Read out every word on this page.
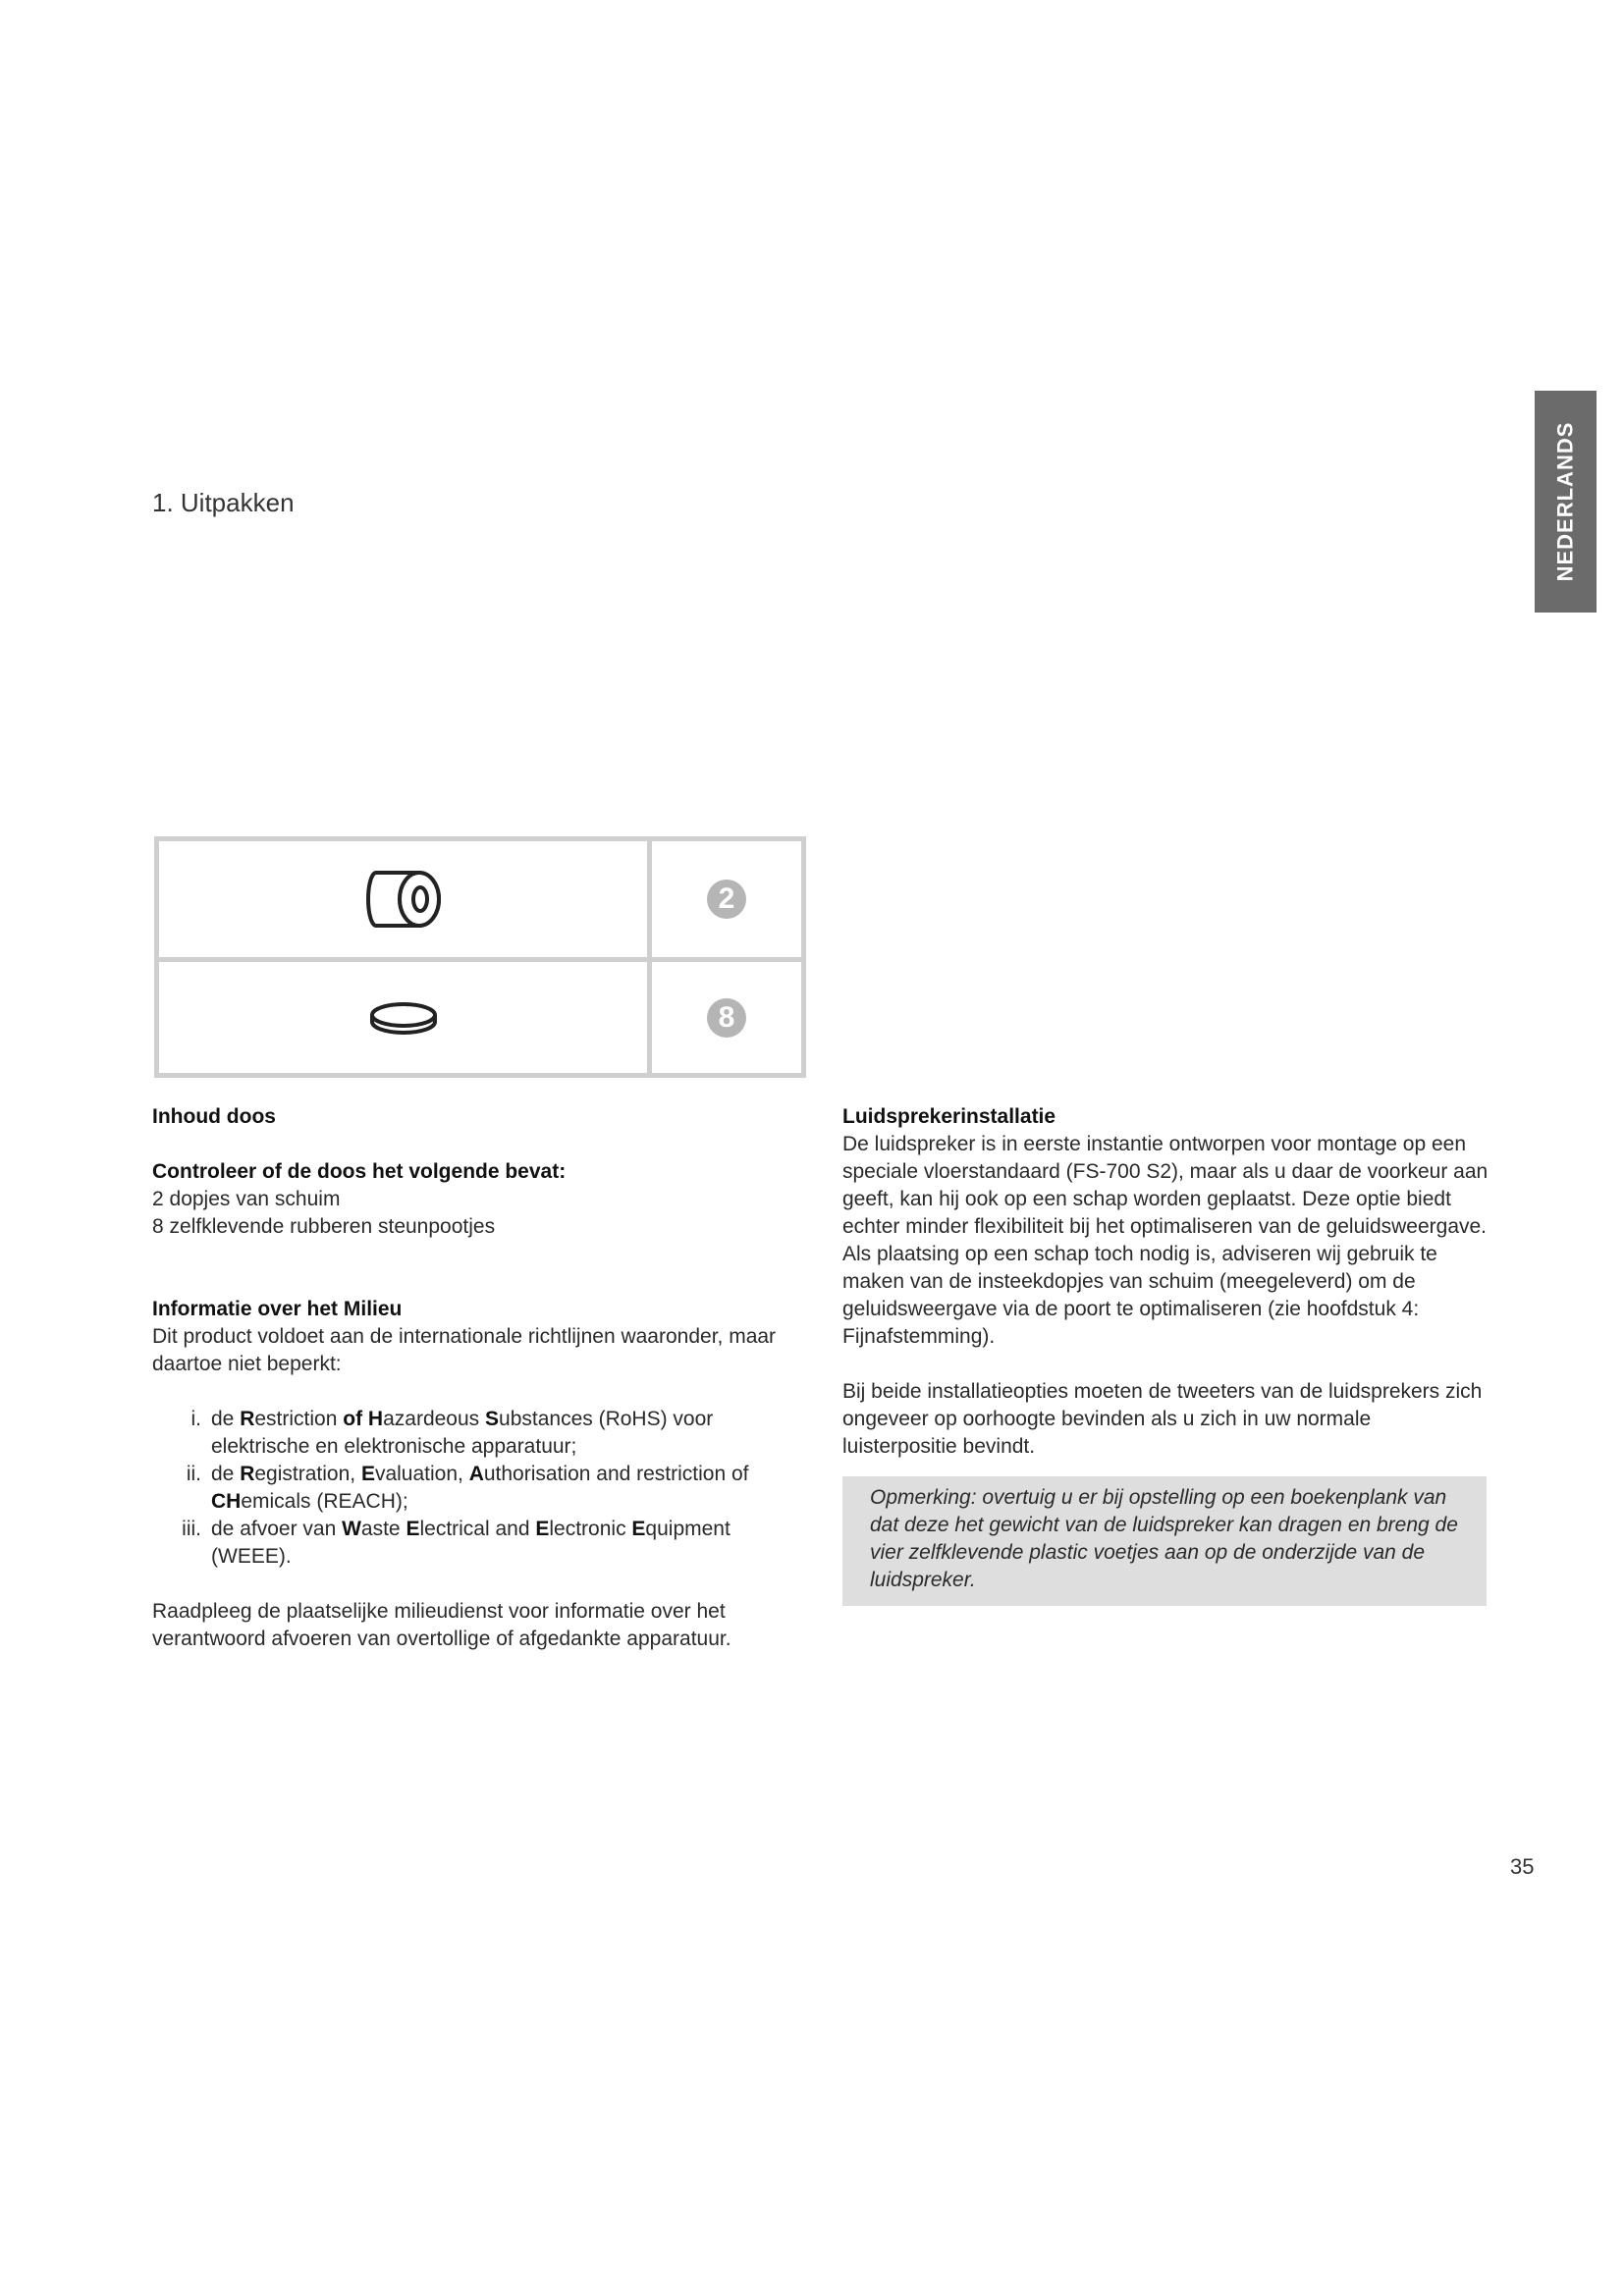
NEDERLANDS
1. Uitpakken
2
8
Inhoud doos
Controleer of de doos het volgende bevat:
2 dopjes van schuim
8 zelfklevende rubberen steunpootjes
Informatie over het Milieu
Dit product voldoet aan de internationale richtlijnen waaronder, maar daartoe niet beperkt:
i. de Restriction of Hazardeous Substances (RoHS) voor elektrische en elektronische apparatuur;
ii. de Registration, Evaluation, Authorisation and restriction of CHemicals (REACH);
iii. de afvoer van Waste Electrical and Electronic Equipment (WEEE).
Raadpleeg de plaatselijke milieudienst voor informatie over het verantwoord afvoeren van overtollige of afgedankte apparatuur.
Luidsprekerinstallatie
De luidspreker is in eerste instantie ontworpen voor montage op een speciale vloerstandaard (FS-700 S2), maar als u daar de voorkeur aan geeft, kan hij ook op een schap worden geplaatst. Deze optie biedt echter minder flexibiliteit bij het optimaliseren van de geluidsweergave. Als plaatsing op een schap toch nodig is, adviseren wij gebruik te maken van de insteekdopjes van schuim (meegeleverd) om de geluidsweergave via de poort te optimaliseren (zie hoofdstuk 4: Fijnafstemming).
Bij beide installatieopties moeten de tweeters van de luidsprekers zich ongeveer op oorhoogte bevinden als u zich in uw normale luisterpositie bevindt.
Opmerking: overtuig u er bij opstelling op een boekenplank van dat deze het gewicht van de luidspreker kan dragen en breng de vier zelfklevende plastic voetjes aan op de onderzijde van de luidspreker.
35
